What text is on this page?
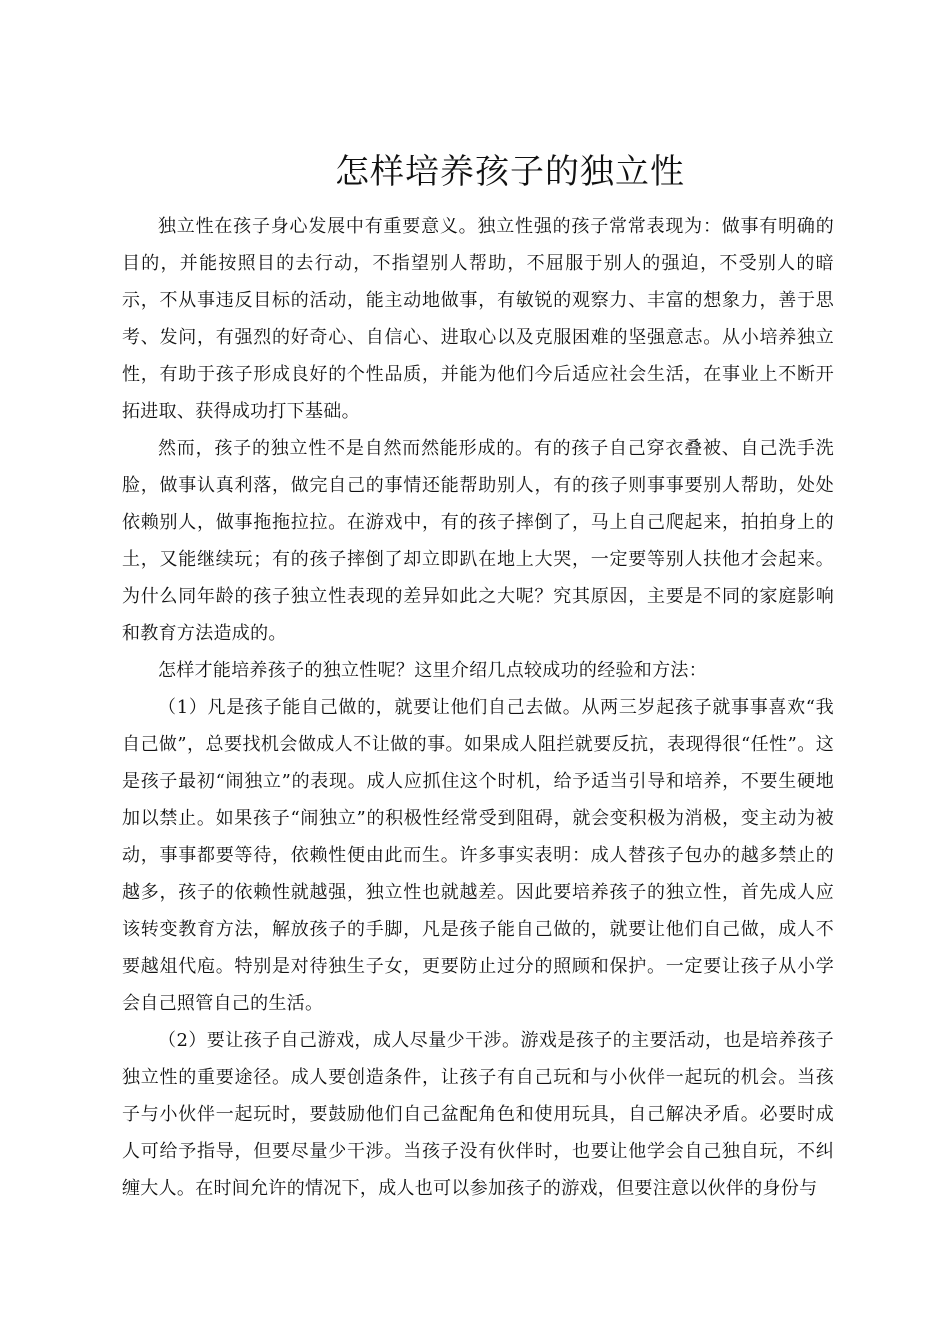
怎样培养孩子的独立性

独立性在孩子身心发展中有重要意义。独立性强的孩子常常表现为：做事有明确的目的，并能按照目的去行动，不指望别人帮助，不屈服于别人的强迫，不受别人的暗示，不从事违反目标的活动，能主动地做事，有敏锐的观察力、丰富的想象力，善于思考、发问，有强烈的好奇心、自信心、进取心以及克服困难的坚强意志。从小培养独立性，有助于孩子形成良好的个性品质，并能为他们今后适应社会生活，在事业上不断开拓进取、获得成功打下基础。

然而，孩子的独立性不是自然而然能形成的。有的孩子自己穿衣叠被、自己洗手洗脸，做事认真利落，做完自己的事情还能帮助别人，有的孩子则事事要别人帮助，处处依赖别人，做事拖拖拉拉。在游戏中，有的孩子摔倒了，马上自己爬起来，拍拍身上的土，又能继续玩；有的孩子摔倒了却立即趴在地上大哭，一定要等别人扶他才会起来。为什么同年龄的孩子独立性表现的差异如此之大呢？究其原因，主要是不同的家庭影响和教育方法造成的。

怎样才能培养孩子的独立性呢？这里介绍几点较成功的经验和方法：

（1）凡是孩子能自己做的，就要让他们自己去做。从两三岁起孩子就事事喜欢“我自己做”，总要找机会做成人不让做的事。如果成人阻拦就要反抗，表现得很“任性”。这是孩子最初“闹独立”的表现。成人应抓住这个时机，给予适当引导和培养，不要生硬地加以禁止。如果孩子“闹独立”的积极性经常受到阻碍，就会变积极为消极，变主动为被动，事事都要等待，依赖性便由此而生。许多事实表明：成人替孩子包办的越多禁止的越多，孩子的依赖性就越强，独立性也就越差。因此要培养孩子的独立性，首先成人应该转变教育方法，解放孩子的手脚，凡是孩子能自己做的，就要让他们自己做，成人不要越俎代庖。特别是对待独生子女，更要防止过分的照顾和保护。一定要让孩子从小学会自己照管自己的生活。

（2）要让孩子自己游戏，成人尽量少干涉。游戏是孩子的主要活动，也是培养孩子独立性的重要途径。成人要创造条件，让孩子有自己玩和与小伙伴一起玩的机会。当孩子与小伙伴一起玩时，要鼓励他们自己盆配角色和使用玩具，自己解决矛盾。必要时成人可给予指导，但要尽量少干涉。当孩子没有伙伴时，也要让他学会自己独自玩，不纠缠大人。在时间允许的情况下，成人也可以参加孩子的游戏，但要注意以伙伴的身份与
